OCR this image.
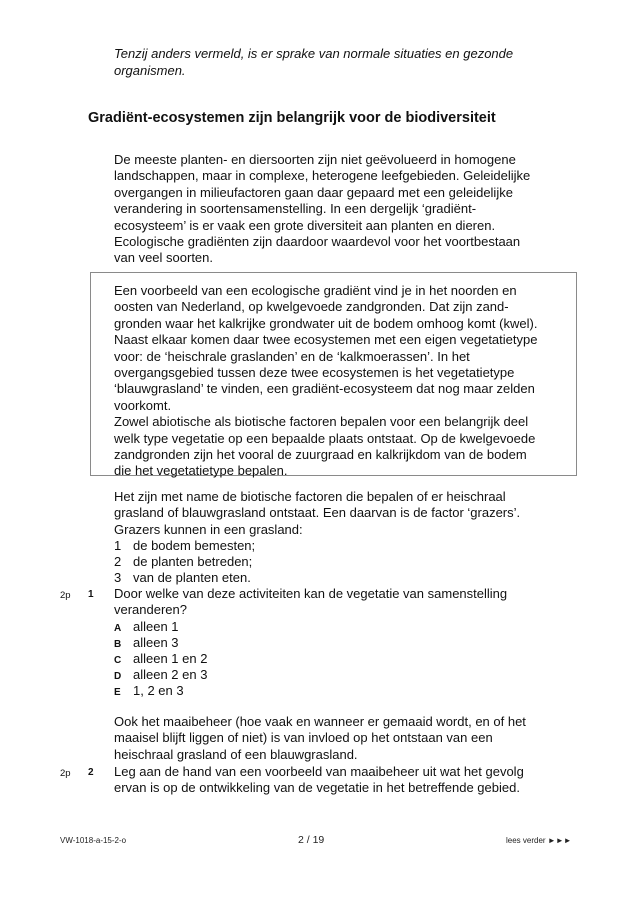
Tenzij anders vermeld, is er sprake van normale situaties en gezonde
organismen.
Gradiënt-ecosystemen zijn belangrijk voor de biodiversiteit
De meeste planten- en diersoorten zijn niet geëvolueerd in homogene
landschappen, maar in complexe, heterogene leefgebieden. Geleidelijke
overgangen in milieufactoren gaan daar gepaard met een geleidelijke
verandering in soortensamenstelling. In een dergelijk ‘gradiënt-
ecosysteem’ is er vaak een grote diversiteit aan planten en dieren.
Ecologische gradiënten zijn daardoor waardevol voor het voortbestaan
van veel soorten.
Een voorbeeld van een ecologische gradiënt vind je in het noorden en
oosten van Nederland, op kwelgevoede zandgronden. Dat zijn zand-
gronden waar het kalkrijke grondwater uit de bodem omhoog komt (kwel).
Naast elkaar komen daar twee ecosystemen met een eigen vegetatietype
voor: de ‘heischrale graslanden’ en de ‘kalkmoerassen’. In het
overgangsgebied tussen deze twee ecosystemen is het vegetatietype
‘blauwgrasland’ te vinden, een gradiënt-ecosysteem dat nog maar zelden
voorkomt.
Zowel abiotische als biotische factoren bepalen voor een belangrijk deel
welk type vegetatie op een bepaalde plaats ontstaat. Op de kwelgevoede
zandgronden zijn het vooral de zuurgraad en kalkrijkdom van de bodem
die het vegetatietype bepalen.
Het zijn met name de biotische factoren die bepalen of er heischraal
grasland of blauwgrasland ontstaat. Een daarvan is de factor ‘grazers’.
Grazers kunnen in een grasland:
1 de bodem bemesten;
2 de planten betreden;
3 van de planten eten.
2p 1 Door welke van deze activiteiten kan de vegetatie van samenstelling
veranderen?
A alleen 1
B alleen 3
C alleen 1 en 2
D alleen 2 en 3
E 1, 2 en 3
Ook het maaibeheer (hoe vaak en wanneer er gemaaid wordt, en of het
maaisel blijft liggen of niet) is van invloed op het ontstaan van een
heischraal grasland of een blauwgrasland.
2p 2 Leg aan de hand van een voorbeeld van maaibeheer uit wat het gevolg
ervan is op de ontwikkeling van de vegetatie in het betreffende gebied.
VW-1018-a-15-2-o	2 / 19	lees verder ►►►
